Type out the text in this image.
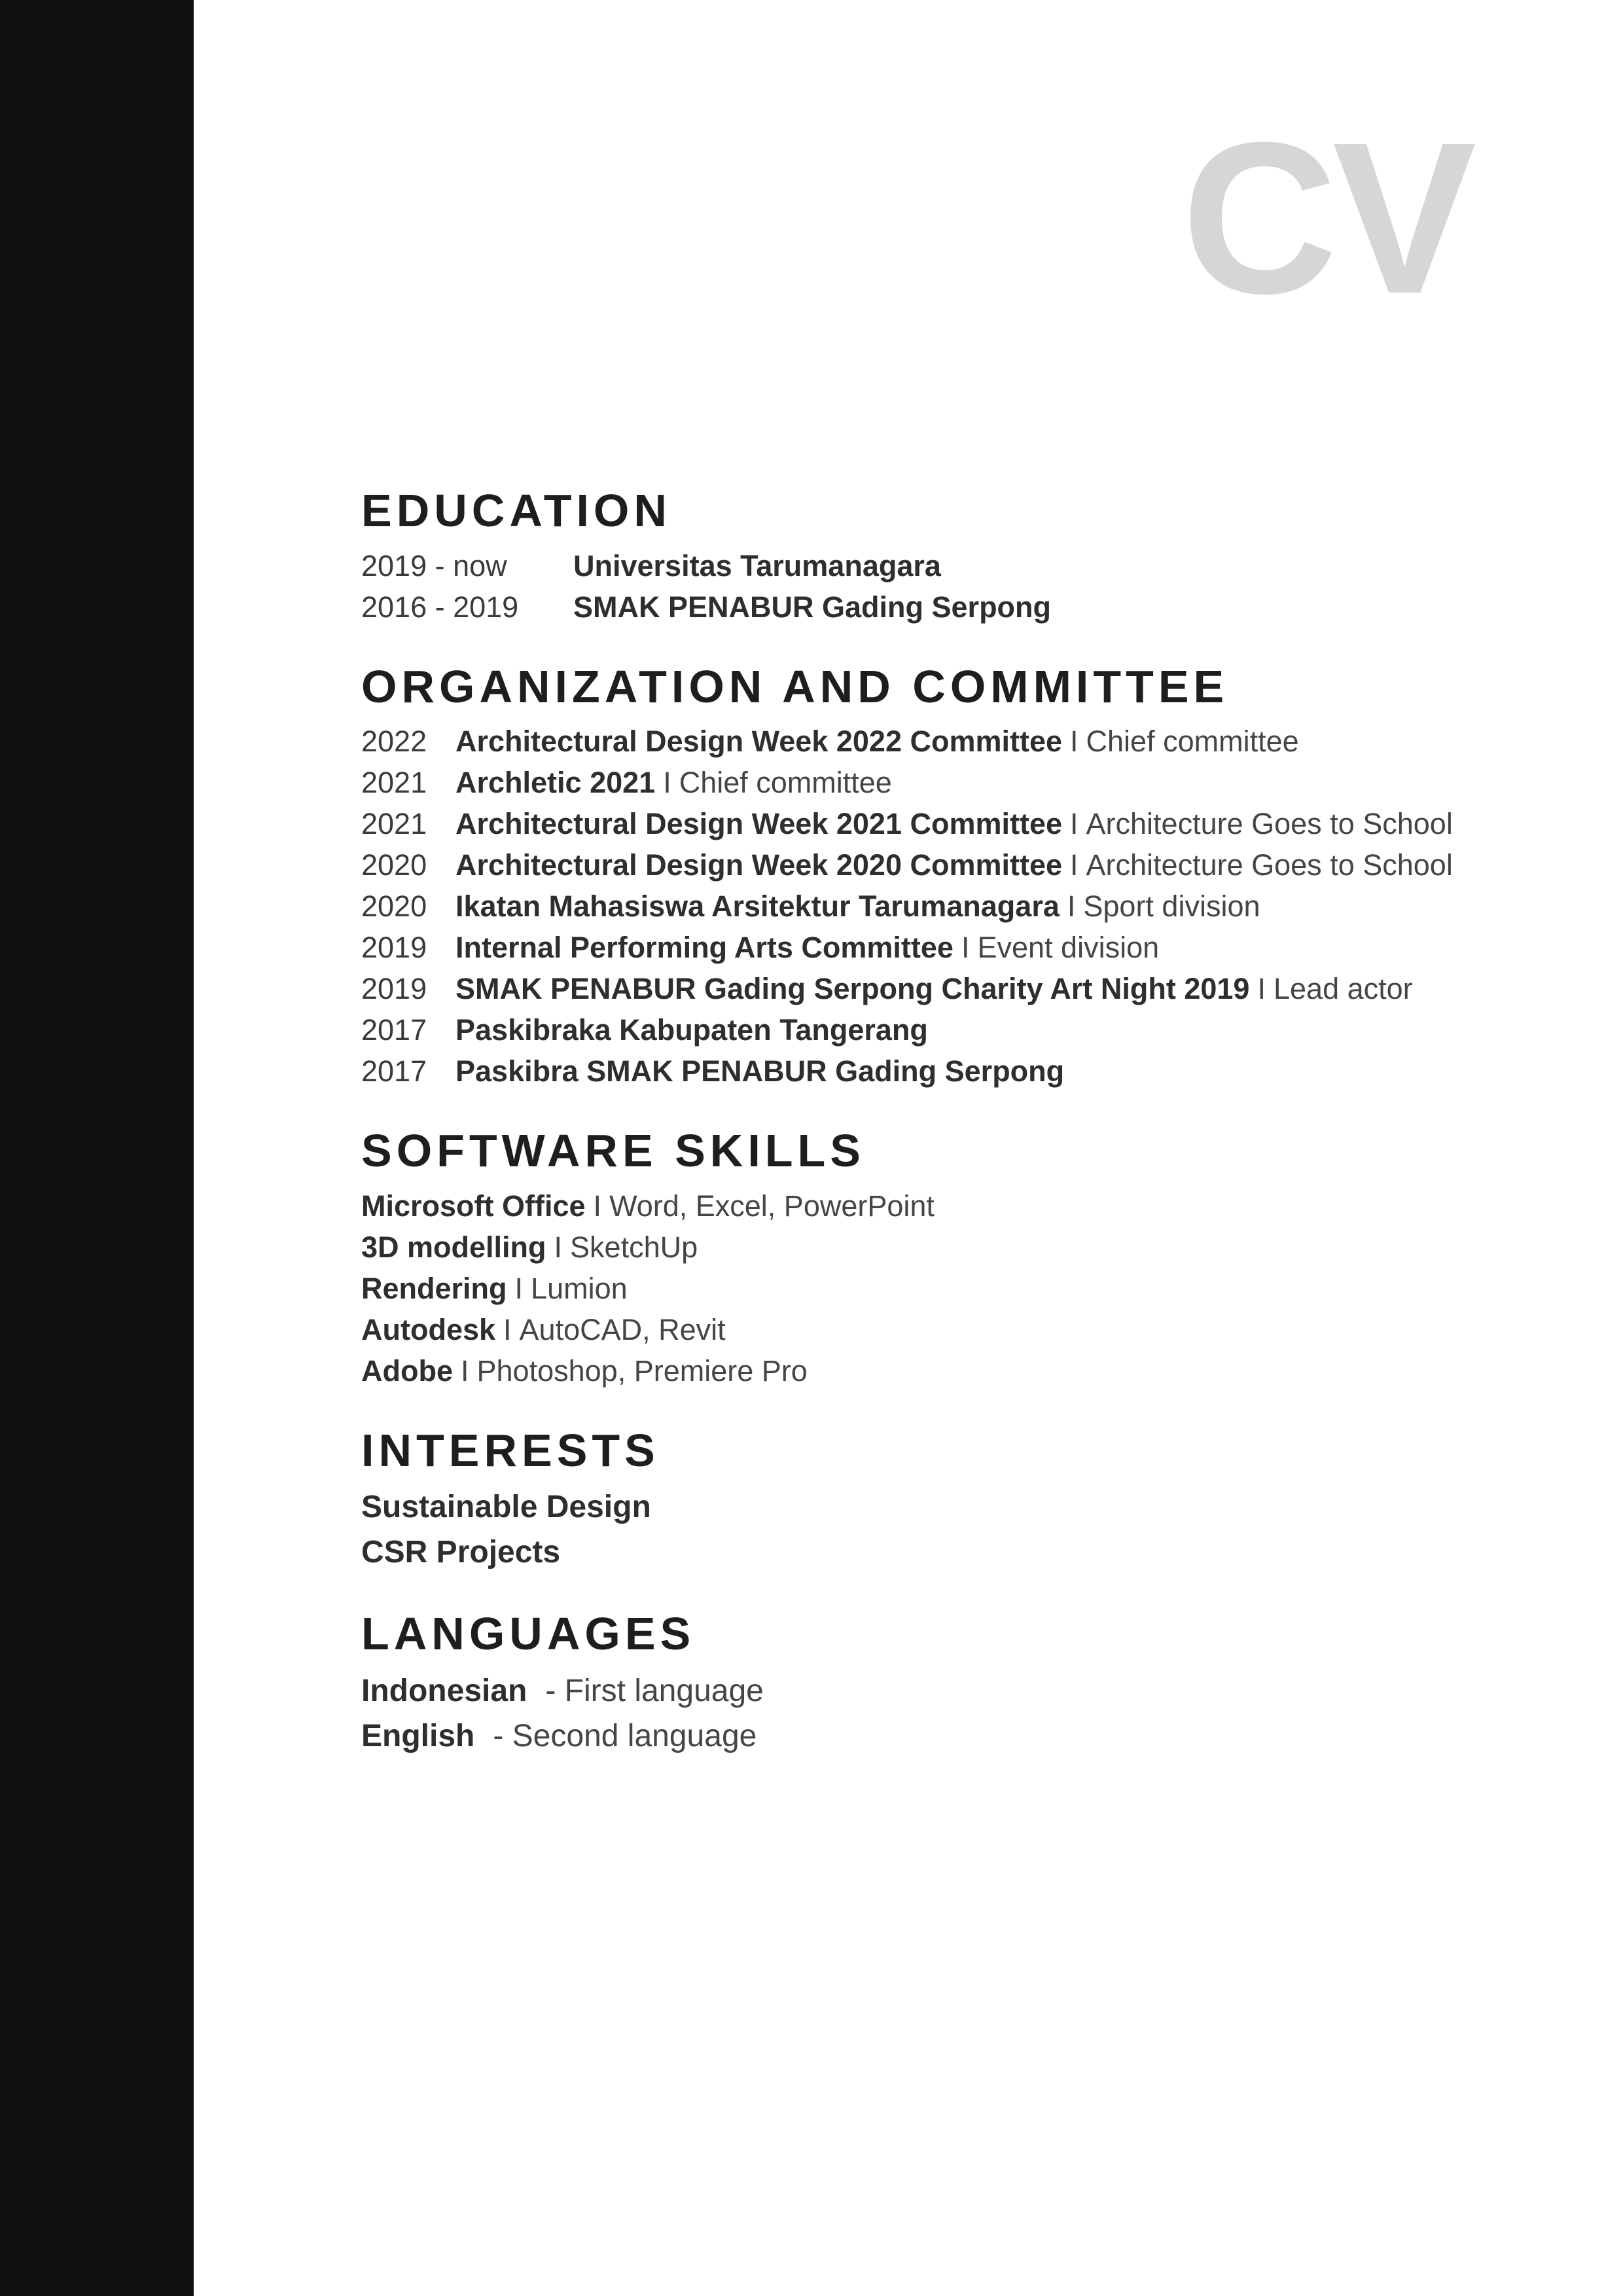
CV
EDUCATION
2019 - now	Universitas Tarumanagara
2016 - 2019	SMAK PENABUR Gading Serpong
ORGANIZATION AND COMMITTEE
2022 Architectural Design Week 2022 Committee I Chief committee
2021 Archletic 2021 I Chief committee
2021 Architectural Design Week 2021 Committee I Architecture Goes to School
2020 Architectural Design Week 2020 Committee I Architecture Goes to School
2020 Ikatan Mahasiswa Arsitektur Tarumanagara I Sport division
2019 Internal Performing Arts Committee I Event division
2019 SMAK PENABUR Gading Serpong Charity Art Night 2019 I Lead actor
2017 Paskibraka Kabupaten Tangerang
2017 Paskibra SMAK PENABUR Gading Serpong
SOFTWARE SKILLS
Microsoft Office I Word, Excel, PowerPoint
3D modelling I SketchUp
Rendering I Lumion
Autodesk I AutoCAD, Revit
Adobe I Photoshop, Premiere Pro
INTERESTS
Sustainable Design
CSR Projects
LANGUAGES
Indonesian - First language
English - Second language
